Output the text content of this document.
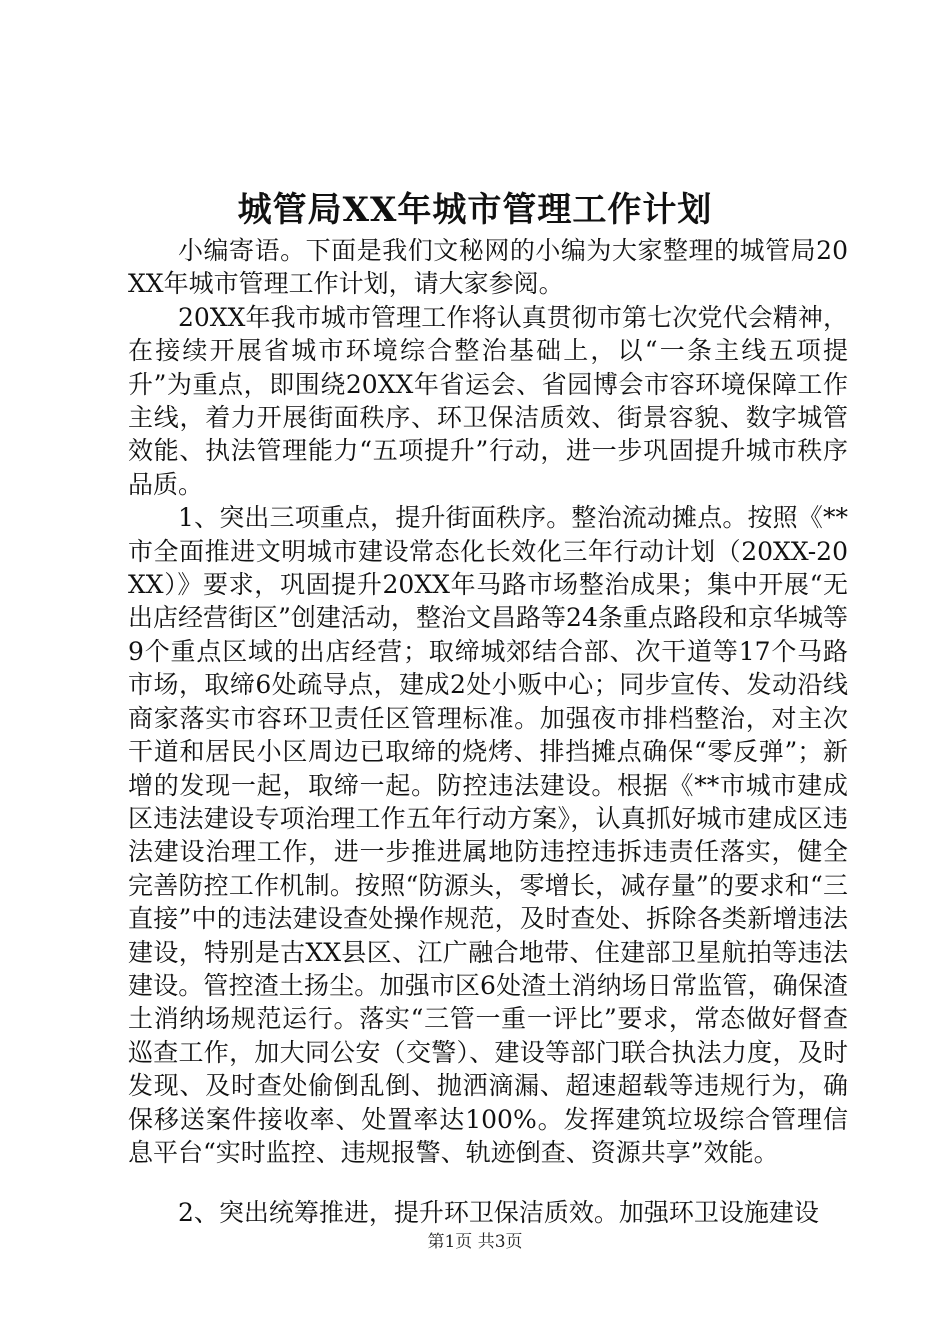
城管局XX年城市管理工作计划

小编寄语。下面是我们文秘网的小编为大家整理的城管局20XX年城市管理工作计划，请大家参阅。

20XX年我市城市管理工作将认真贯彻市第七次党代会精神，在接续开展省城市环境综合整治基础上，以“一条主线五项提升”为重点，即围绕20XX年省运会、省园博会市容环境保障工作主线，着力开展街面秩序、环卫保洁质效、街景容貌、数字城管效能、执法管理能力“五项提升”行动，进一步巩固提升城市秩序品质。

1、突出三项重点，提升街面秩序。整治流动摊点。按照《**市全面推进文明城市建设常态化长效化三年行动计划（20XX-20XX）》要求，巩固提升20XX年马路市场整治成果；集中开展“无出店经营街区”创建活动，整治文昌路等24条重点路段和京华城等9个重点区域的出店经营；取缔城郊结合部、次干道等17个马路市场，取缔6处疏导点，建成2处小贩中心；同步宣传、发动沿线商家落实市容环卫责任区管理标准。加强夜市排档整治，对主次干道和居民小区周边已取缔的烧烤、排挡摊点确保“零反弹”；新增的发现一起，取缔一起。防控违法建设。根据《**市城市建成区违法建设专项治理工作五年行动方案》，认真抓好城市建成区违法建设治理工作，进一步推进属地防违控违拆违责任落实，健全完善防控工作机制。按照“防源头，零增长，减存量”的要求和“三直接”中的违法建设查处操作规范，及时查处、拆除各类新增违法建设，特别是古XX县区、江广融合地带、住建部卫星航拍等违法建设。管控渣土扬尘。加强市区6处渣土消纳场日常监管，确保渣土消纳场规范运行。落实“三管一重一评比”要求，常态做好督查巡查工作，加大同公安（交警）、建设等部门联合执法力度，及时发现、及时查处偷倒乱倒、抛洒滴漏、超速超载等违规行为，确保移送案件接收率、处置率达100%。发挥建筑垃圾综合管理信息平台“实时监控、违规报警、轨迹倒查、资源共享”效能。

2、突出统筹推进，提升环卫保洁质效。加强环卫设施建设

第1页 共3页
